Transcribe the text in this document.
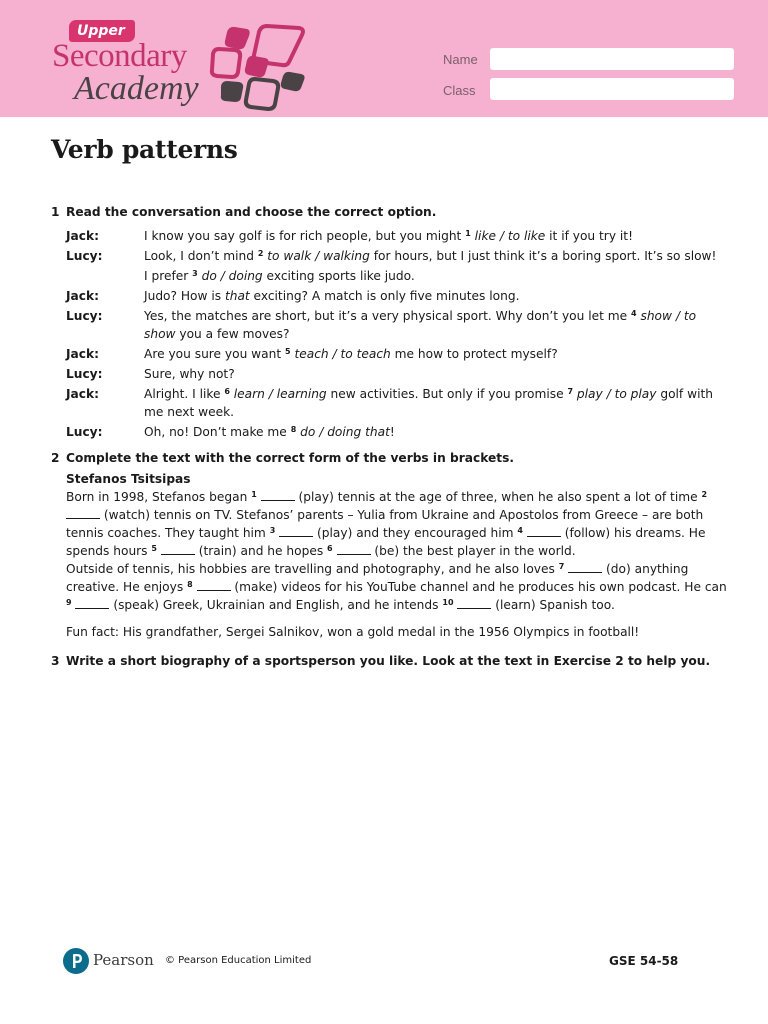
Upper
Secondary
Academy
Name
Class
Verb patterns
1 Read the conversation and choose the correct option.
Jack:	I know you say golf is for rich people, but you might $^1$ like / to like it if you try it!
Lucy:	Look, I don’t mind $^2$ to walk / walking for hours, but I just think it’s a boring sport. It’s so slow!
I prefer $^3$ do / doing exciting sports like judo.
Jack:	Judo? How is that exciting? A match is only five minutes long.
Lucy:	Yes, the matches are short, but it’s a very physical sport. Why don’t you let me $^4$ show / to show you a few moves?
Jack:	Are you sure you want $^5$ teach / to teach me how to protect myself?
Lucy:	Sure, why not?
Jack:	Alright. I like $^6$ learn / learning new activities. But only if you promise $^7$ play / to play golf with me next week.
Lucy:	Oh, no! Don’t make me $^8$ do / doing that!
2 Complete the text with the correct form of the verbs in brackets.
Stefanos Tsitsipas

Born in 1998, Stefanos began $^1$	(play) tennis at the age of three, when he also spent a lot of time $^2$  (watch) tennis on TV. Stefanos’ parents – Yulia from Ukraine and Apostolos from Greece – are both tennis coaches. They taught him $^3$	(play) and they encouraged him $^4$	(follow) his dreams. He spends hours $^5$	(train) and he hopes $^6$	(be) the best player in the world.

Outside of tennis, his hobbies are travelling and photography, and he also loves $^7$	(do) anything creative. He enjoys $^8$	(make) videos for his YouTube channel and he produces his own podcast. He can $^9$	(speak) Greek, Ukrainian and English, and he intends $^{10}$	(learn) Spanish too.

Fun fact: His grandfather, Sergei Salnikov, won a gold medal in the 1956 Olympics in football!

3 Write a short biography of a sportsperson you like. Look at the text in Exercise 2 to help you.
Pearson © Pearson Education Limited	GSE 54-58
